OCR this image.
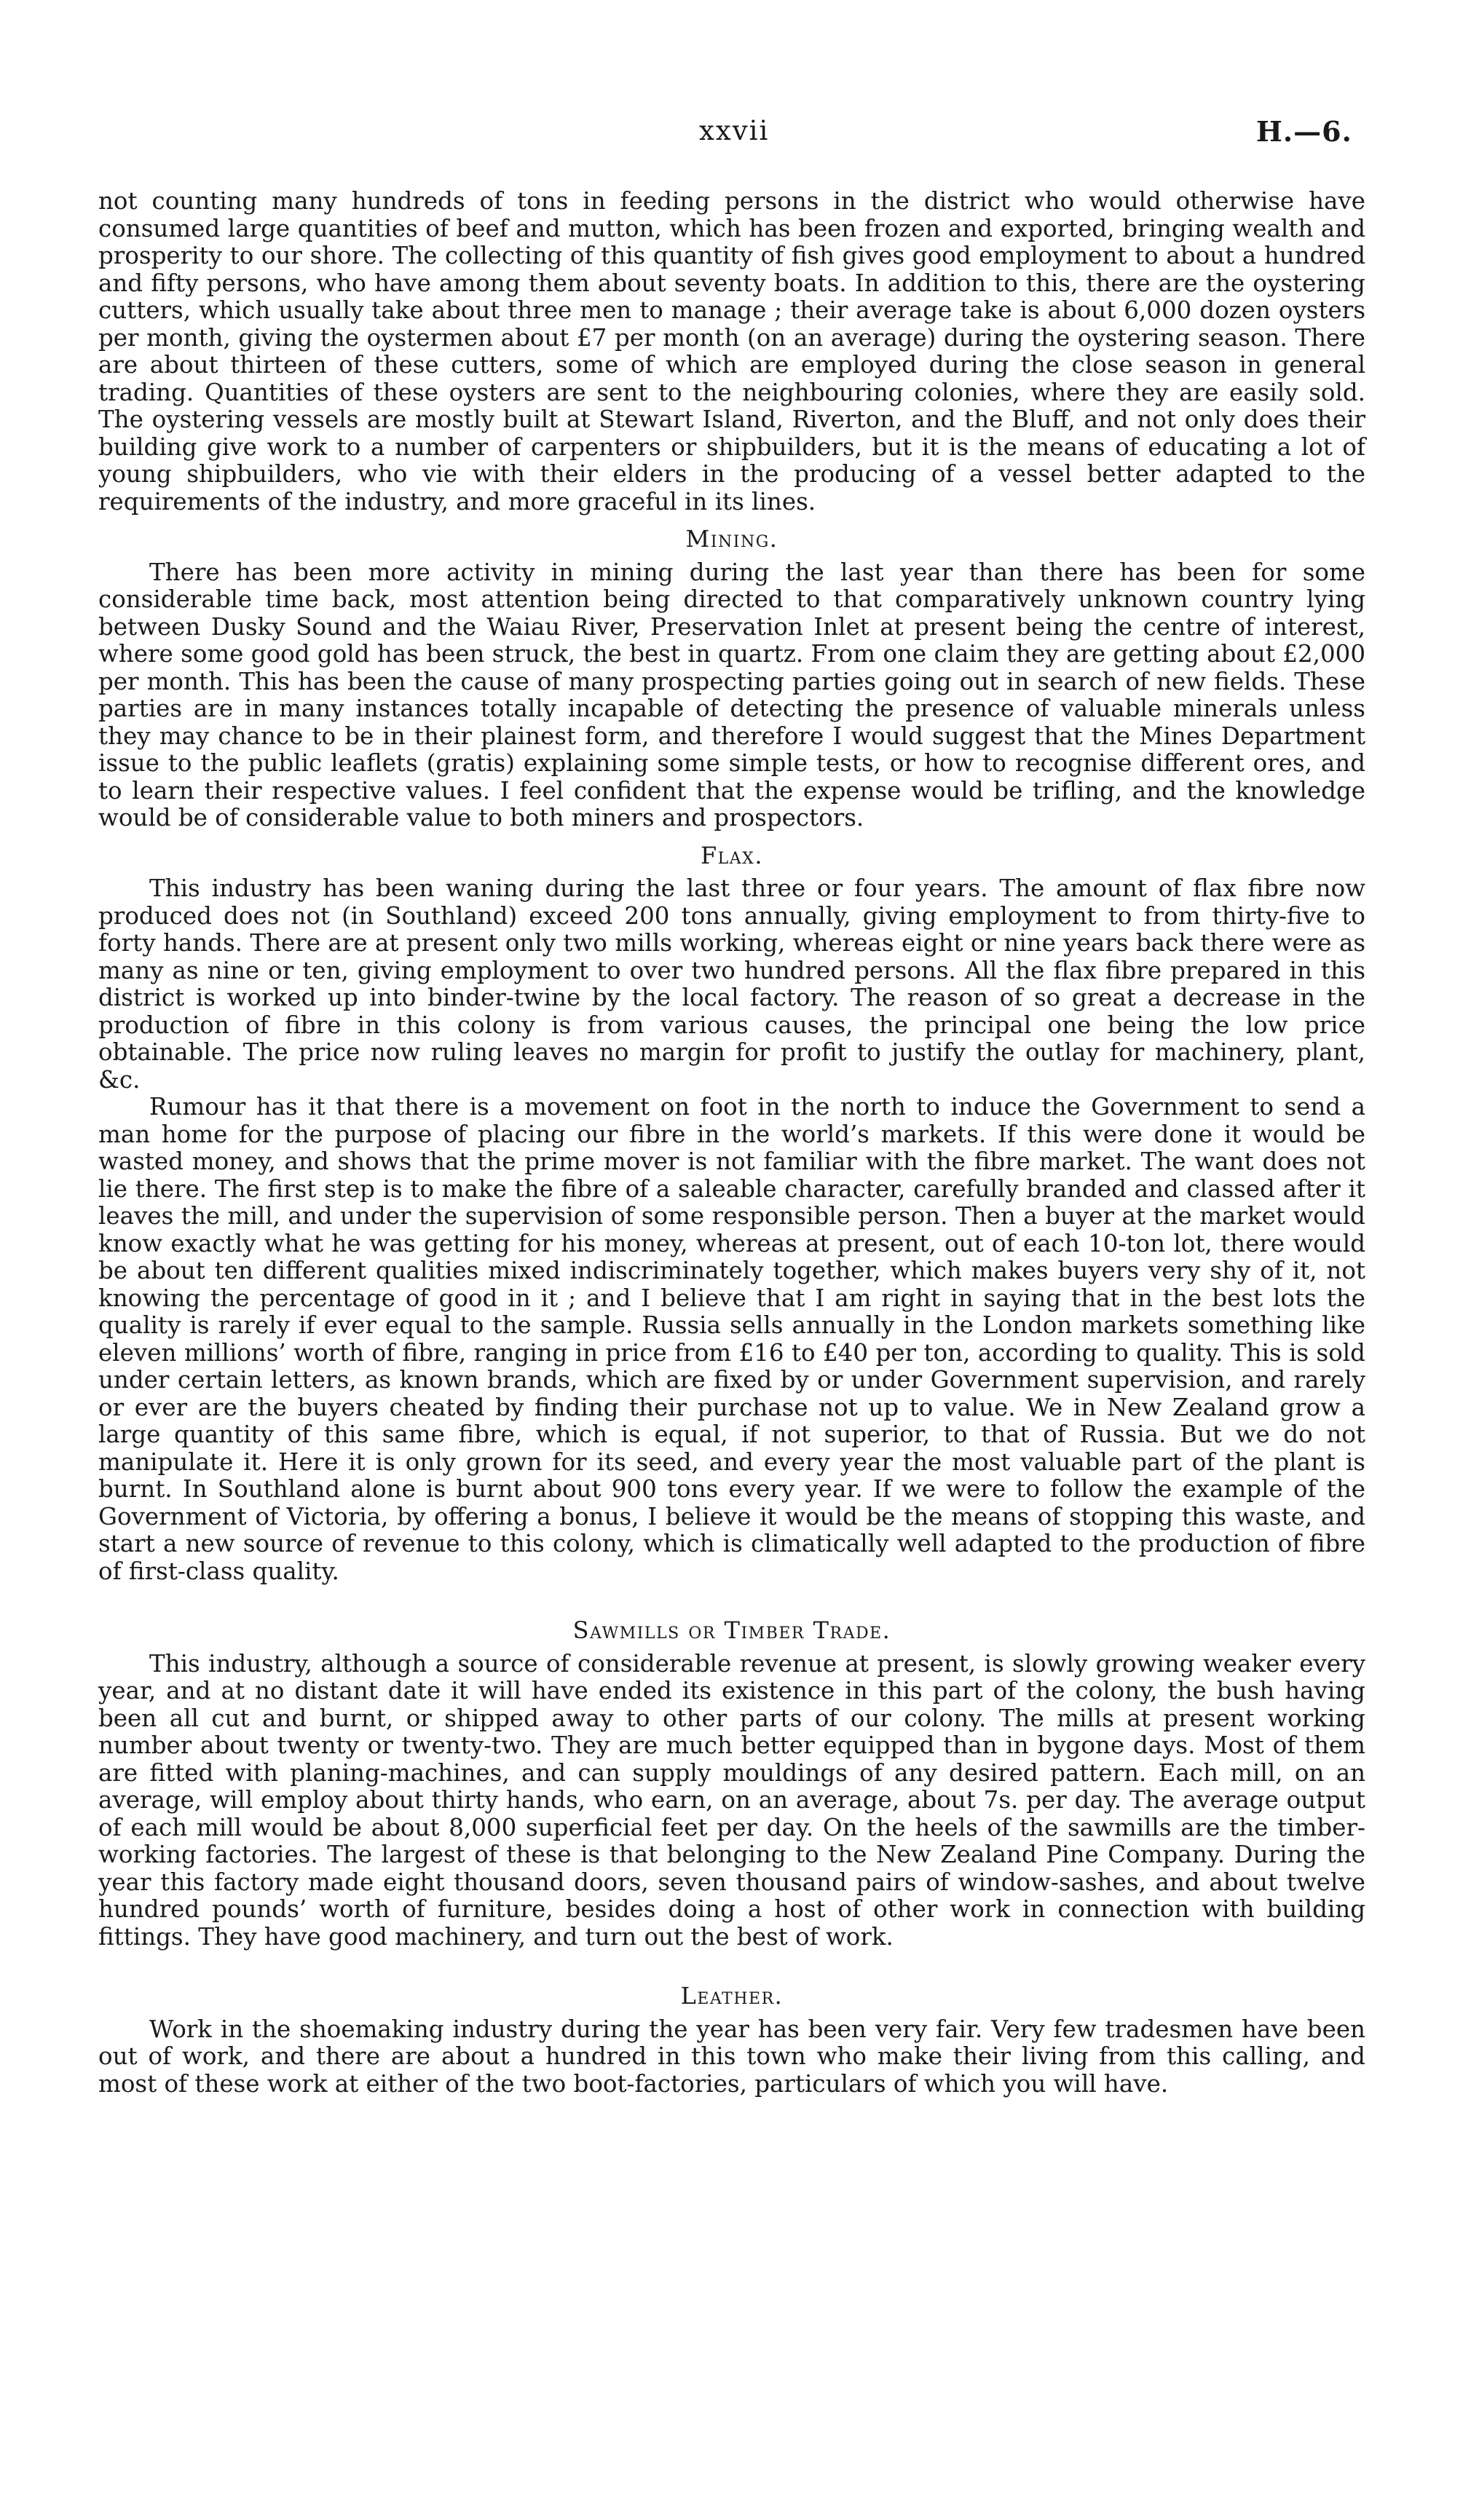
xxvii	H.—6.

not counting many hundreds of tons in feeding persons in the district who would otherwise have consumed large quantities of beef and mutton, which has been frozen and exported, bringing wealth and prosperity to our shore. The collecting of this quantity of fish gives good employment to about a hundred and fifty persons, who have among them about seventy boats. In addition to this, there are the oystering cutters, which usually take about three men to manage ; their average take is about 6,000 dozen oysters per month, giving the oystermen about £7 per month (on an average) during the oystering season. There are about thirteen of these cutters, some of which are employed during the close season in general trading. Quantities of these oysters are sent to the neighbouring colonies, where they are easily sold. The oystering vessels are mostly built at Stewart Island, Riverton, and the Bluff, and not only does their building give work to a number of carpenters or shipbuilders, but it is the means of educating a lot of young shipbuilders, who vie with their elders in the producing of a vessel better adapted to the requirements of the industry, and more graceful in its lines.

Mining.

There has been more activity in mining during the last year than there has been for some considerable time back, most attention being directed to that comparatively unknown country lying between Dusky Sound and the Waiau River, Preservation Inlet at present being the centre of interest, where some good gold has been struck, the best in quartz. From one claim they are getting about £2,000 per month. This has been the cause of many prospecting parties going out in search of new fields. These parties are in many instances totally incapable of detecting the presence of valuable minerals unless they may chance to be in their plainest form, and therefore I would suggest that the Mines Department issue to the public leaflets (gratis) explaining some simple tests, or how to recognise different ores, and to learn their respective values. I feel confident that the expense would be trifling, and the knowledge would be of considerable value to both miners and prospectors.

Flax.

This industry has been waning during the last three or four years. The amount of flax fibre now produced does not (in Southland) exceed 200 tons annually, giving employment to from thirty-five to forty hands. There are at present only two mills working, whereas eight or nine years back there were as many as nine or ten, giving employment to over two hundred persons. All the flax fibre prepared in this district is worked up into binder-twine by the local factory. The reason of so great a decrease in the production of fibre in this colony is from various causes, the principal one being the low price obtainable. The price now ruling leaves no margin for profit to justify the outlay for machinery, plant, &c.

Rumour has it that there is a movement on foot in the north to induce the Government to send a man home for the purpose of placing our fibre in the world’s markets. If this were done it would be wasted money, and shows that the prime mover is not familiar with the fibre market. The want does not lie there. The first step is to make the fibre of a saleable character, carefully branded and classed after it leaves the mill, and under the supervision of some responsible person. Then a buyer at the market would know exactly what he was getting for his money, whereas at present, out of each 10-ton lot, there would be about ten different qualities mixed indiscriminately together, which makes buyers very shy of it, not knowing the percentage of good in it ; and I believe that I am right in saying that in the best lots the quality is rarely if ever equal to the sample. Russia sells annually in the London markets something like eleven millions’ worth of fibre, ranging in price from £16 to £40 per ton, according to quality. This is sold under certain letters, as known brands, which are fixed by or under Government supervision, and rarely or ever are the buyers cheated by finding their purchase not up to value. We in New Zealand grow a large quantity of this same fibre, which is equal, if not superior, to that of Russia. But we do not manipulate it. Here it is only grown for its seed, and every year the most valuable part of the plant is burnt. In Southland alone is burnt about 900 tons every year. If we were to follow the example of the Government of Victoria, by offering a bonus, I believe it would be the means of stopping this waste, and start a new source of revenue to this colony, which is climatically well adapted to the production of fibre of first-class quality.

Sawmills or Timber Trade.

This industry, although a source of considerable revenue at present, is slowly growing weaker every year, and at no distant date it will have ended its existence in this part of the colony, the bush having been all cut and burnt, or shipped away to other parts of our colony. The mills at present working number about twenty or twenty-two. They are much better equipped than in bygone days. Most of them are fitted with planing-machines, and can supply mouldings of any desired pattern. Each mill, on an average, will employ about thirty hands, who earn, on an average, about 7s. per day. The average output of each mill would be about 8,000 superficial feet per day. On the heels of the sawmills are the timber-working factories. The largest of these is that belonging to the New Zealand Pine Company. During the year this factory made eight thousand doors, seven thousand pairs of window-sashes, and about twelve hundred pounds’ worth of furniture, besides doing a host of other work in connection with building fittings. They have good machinery, and turn out the best of work.

Leather.

Work in the shoemaking industry during the year has been very fair. Very few tradesmen have been out of work, and there are about a hundred in this town who make their living from this calling, and most of these work at either of the two boot-factories, particulars of which you will have.
